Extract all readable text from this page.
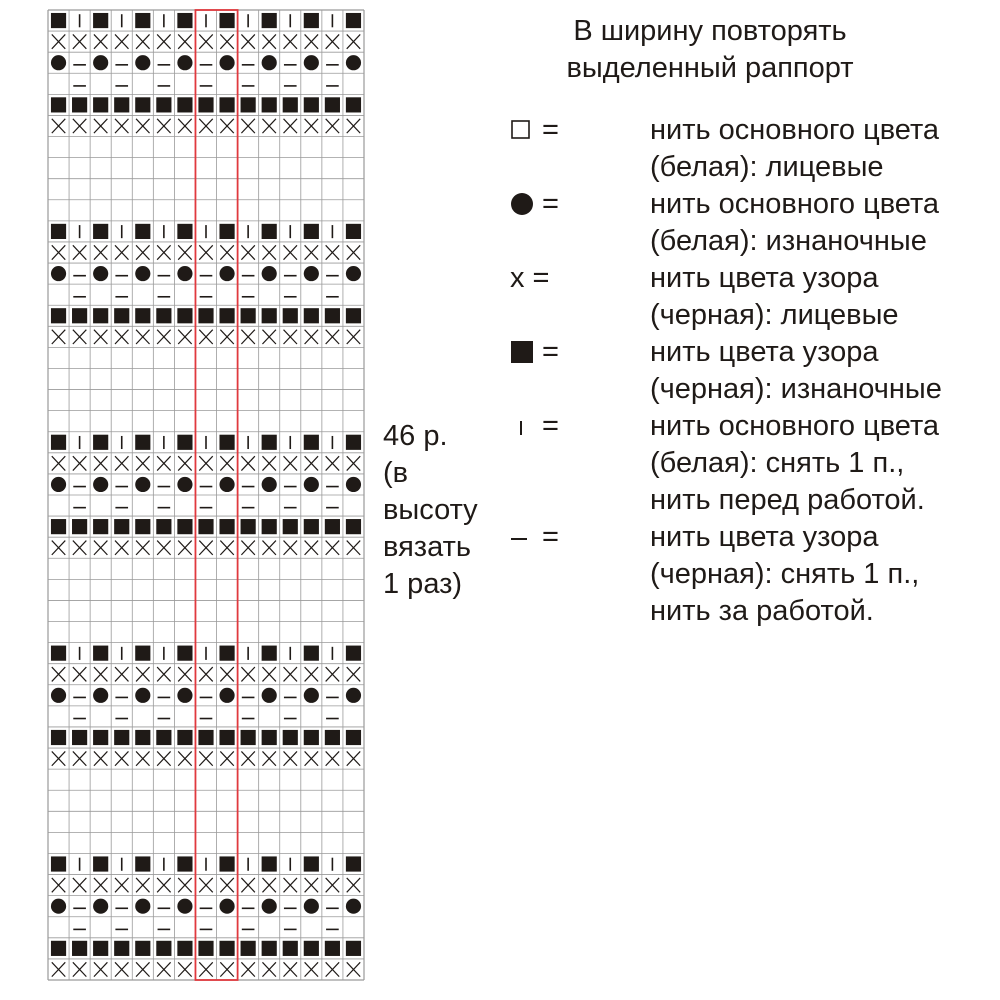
В ширину повторять
выделенный раппорт
=	нить основного цвета
(белая): лицевые
=	нить основного цвета
(белая): изнаночные
x =	нить цвета узора
(черная): лицевые
=	нить цвета узора
(черная): изнаночные
=	нить основного цвета
(белая): снять 1 п.,
нить перед работой.
=	нить цвета узора
(черная): снять 1 п.,
нить за работой.
46 р.
(в
высоту
вязать
1 раз)
